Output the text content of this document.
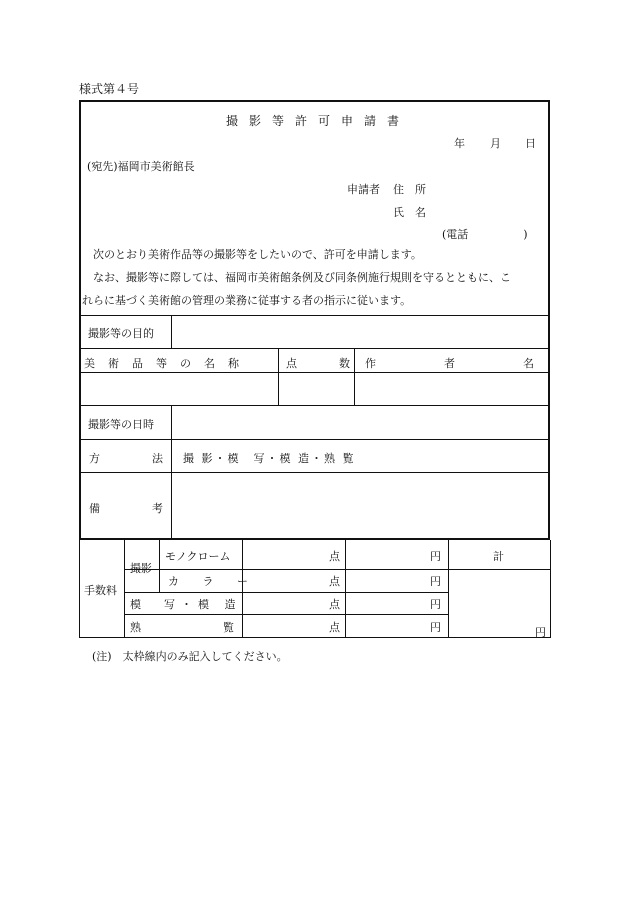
様式第４号
撮影等許可申請書
年 月 日
(宛先)福岡市美術館長
申請者 住　所
氏　名
(電話　　　　　)
次のとおり美術作品等の撮影等をしたいので、許可を申請します。
なお、撮影等に際しては、福岡市美術館条例及び同条例施行規則を守るとともに、こ
れらに基づく美術館の管理の業務に従事する者の指示に従います。
撮影等の目的
美術品等の名称	点数
作者名
撮影等の日時
方法
撮 影・模　写・模 造・熟 覧
備考
手数料
撮影
モノクローム
カ ラ ー
模　写・模 造
熟覧
点
点
点
点
円
円
円
円
計
円
(注)　太枠線内のみ記入してください。
